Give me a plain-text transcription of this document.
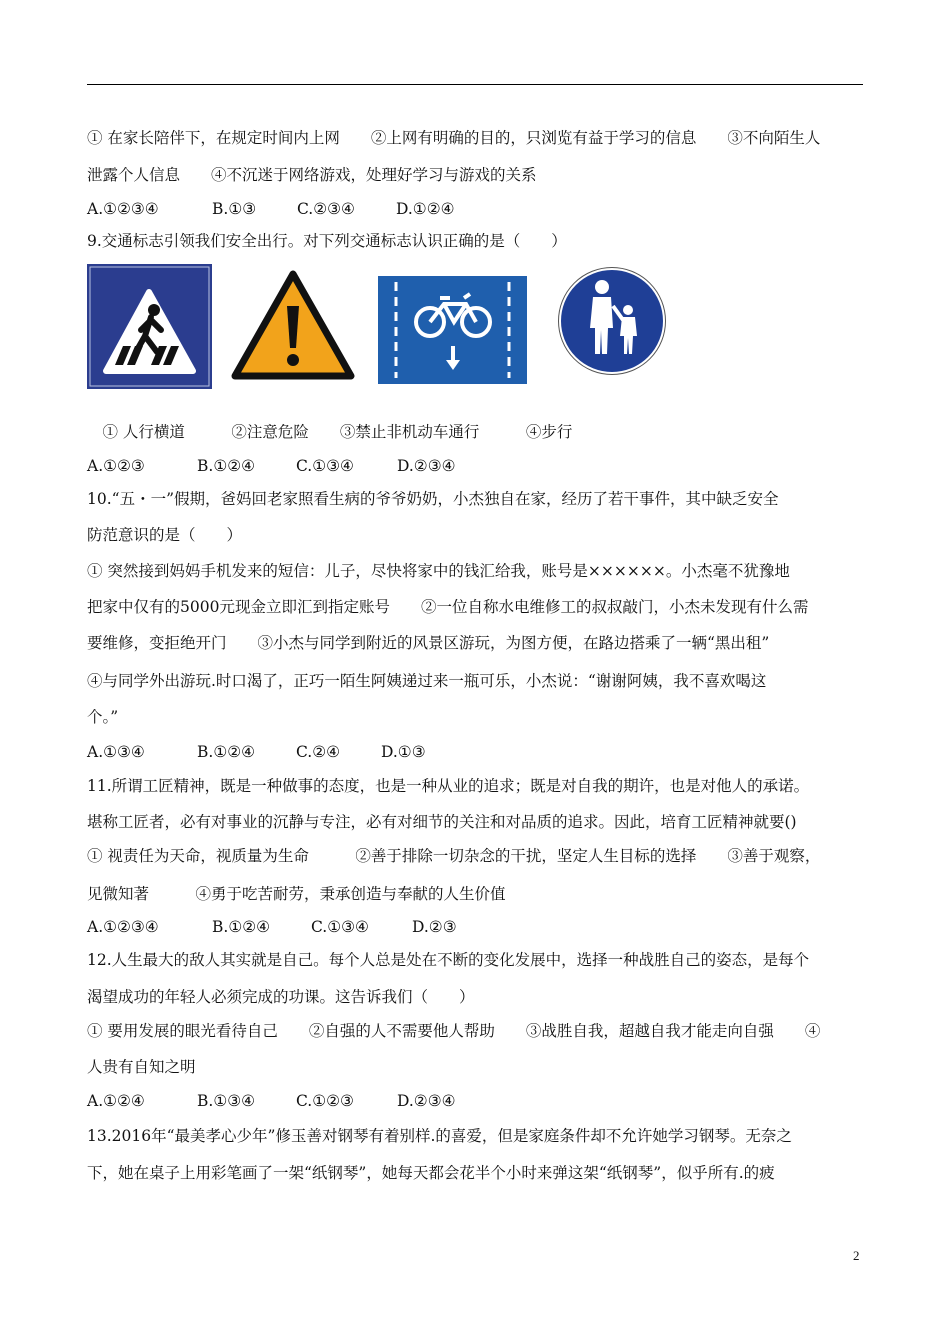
① 在家长陪伴下，在规定时间内上网　　②上网有明确的目的，只浏览有益于学习的信息　　③不向陌生人
泄露个人信息　　④不沉迷于网络游戏，处理好学习与游戏的关系
A.①②③④	B.①③	C.②③④	D.①②④
9.交通标志引领我们安全出行。对下列交通标志认识正确的是（　　）
　① 人行横道　　　②注意危险　　③禁止非机动车通行　　　④步行
A.①②③	B.①②④	C.①③④	D.②③④
10.“五・一”假期，爸妈回老家照看生病的爷爷奶奶，小杰独自在家，经历了若干事件，其中缺乏安全
防范意识的是（　　）
① 突然接到妈妈手机发来的短信：儿子，尽快将家中的钱汇给我，账号是××××××。小杰毫不犹豫地
把家中仅有的5000元现金立即汇到指定账号　　②一位自称水电维修工的叔叔敲门，小杰未发现有什么需
要维修，变拒绝开门　　③小杰与同学到附近的风景区游玩，为图方便，在路边搭乘了一辆“黑出租”
④与同学外出游玩.时口渴了，正巧一陌生阿姨递过来一瓶可乐，小杰说：“谢谢阿姨，我不喜欢喝这
个。”
A.①③④	B.①②④	C.②④	D.①③
11.所谓工匠精神，既是一种做事的态度，也是一种从业的追求；既是对自我的期许，也是对他人的承诺。
堪称工匠者，必有对事业的沉静与专注，必有对细节的关注和对品质的追求。因此，培育工匠精神就要()
① 视责任为天命，视质量为生命　　　②善于排除一切杂念的干扰，坚定人生目标的选择　　③善于观察，
见微知著　　　④勇于吃苦耐劳，秉承创造与奉献的人生价值
A.①②③④	B.①②④	C.①③④	D.②③
12.人生最大的敌人其实就是自己。每个人总是处在不断的变化发展中，选择一种战胜自己的姿态，是每个
渴望成功的年轻人必须完成的功课。这告诉我们（　　）
① 要用发展的眼光看待自己　　②自强的人不需要他人帮助　　③战胜自我，超越自我才能走向自强　　④
人贵有自知之明
A.①②④	B.①③④	C.①②③	D.②③④
13.2016年“最美孝心少年”修玉善对钢琴有着别样.的喜爱，但是家庭条件却不允许她学习钢琴。无奈之
下，她在桌子上用彩笔画了一架“纸钢琴”，她每天都会花半个小时来弹这架“纸钢琴”，似乎所有.的疲
2
